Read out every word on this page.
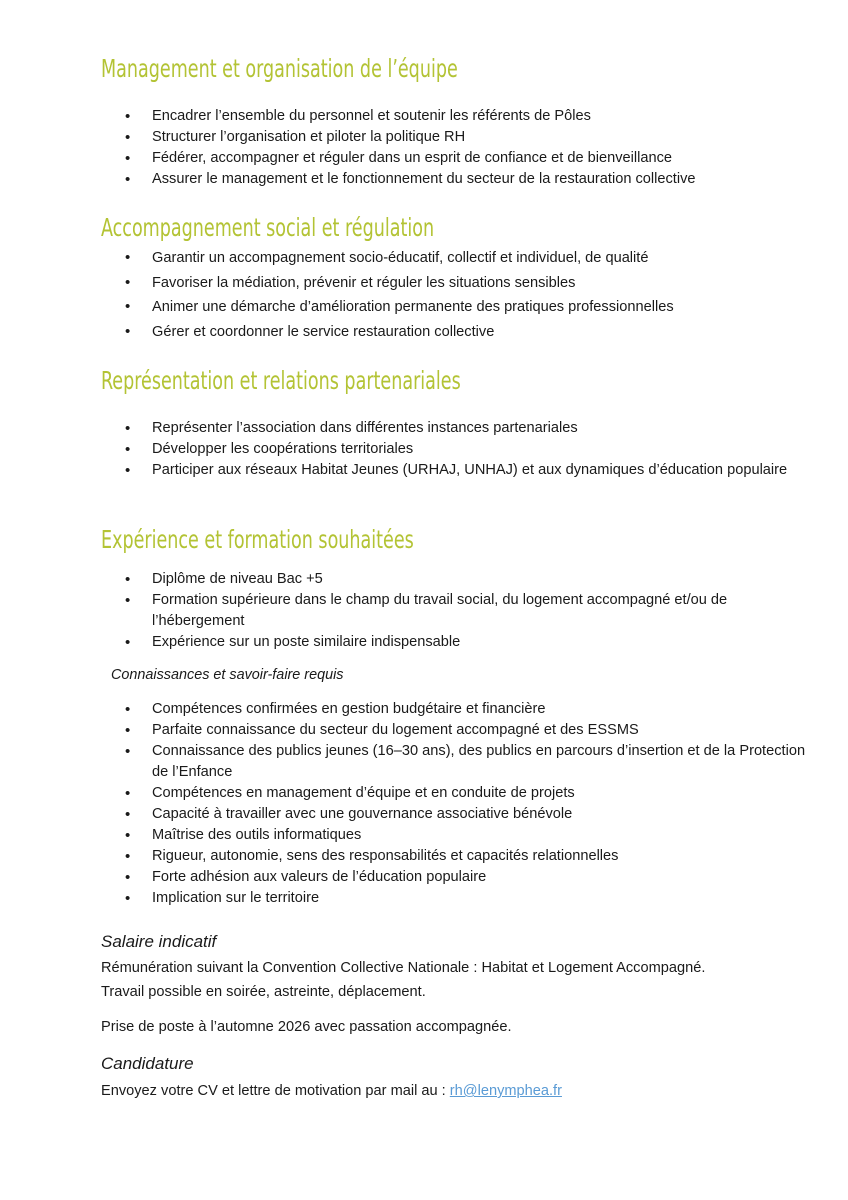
Management et organisation de l’équipe
• Encadrer l’ensemble du personnel et soutenir les référents de Pôles
• Structurer l’organisation et piloter la politique RH
• Fédérer, accompagner et réguler dans un esprit de confiance et de bienveillance
• Assurer le management et le fonctionnement du secteur de la restauration collective
Accompagnement social et régulation
• Garantir un accompagnement socio-éducatif, collectif et individuel, de qualité
• Favoriser la médiation, prévenir et réguler les situations sensibles
• Animer une démarche d’amélioration permanente des pratiques professionnelles
• Gérer et coordonner le service restauration collective
Représentation et relations partenariales
• Représenter l’association dans différentes instances partenariales
• Développer les coopérations territoriales
• Participer aux réseaux Habitat Jeunes (URHAJ, UNHAJ) et aux dynamiques d’éducation populaire
Expérience et formation souhaitées
• Diplôme de niveau Bac +5
• Formation supérieure dans le champ du travail social, du logement accompagné et/ou de l’hébergement
• Expérience sur un poste similaire indispensable

Connaissances et savoir-faire requis

• Compétences confirmées en gestion budgétaire et financière
• Parfaite connaissance du secteur du logement accompagné et des ESSMS
• Connaissance des publics jeunes (16–30 ans), des publics en parcours d’insertion et de la Protection de l’Enfance
• Compétences en management d’équipe et en conduite de projets
• Capacité à travailler avec une gouvernance associative bénévole
• Maîtrise des outils informatiques
• Rigueur, autonomie, sens des responsabilités et capacités relationnelles
• Forte adhésion aux valeurs de l’éducation populaire
• Implication sur le territoire
Salaire indicatif

Rémunération suivant la Convention Collective Nationale : Habitat et Logement Accompagné.

Travail possible en soirée, astreinte, déplacement.

Prise de poste à l’automne 2026 avec passation accompagnée.

Candidature

Envoyez votre CV et lettre de motivation par mail au : rh@lenymphea.fr
